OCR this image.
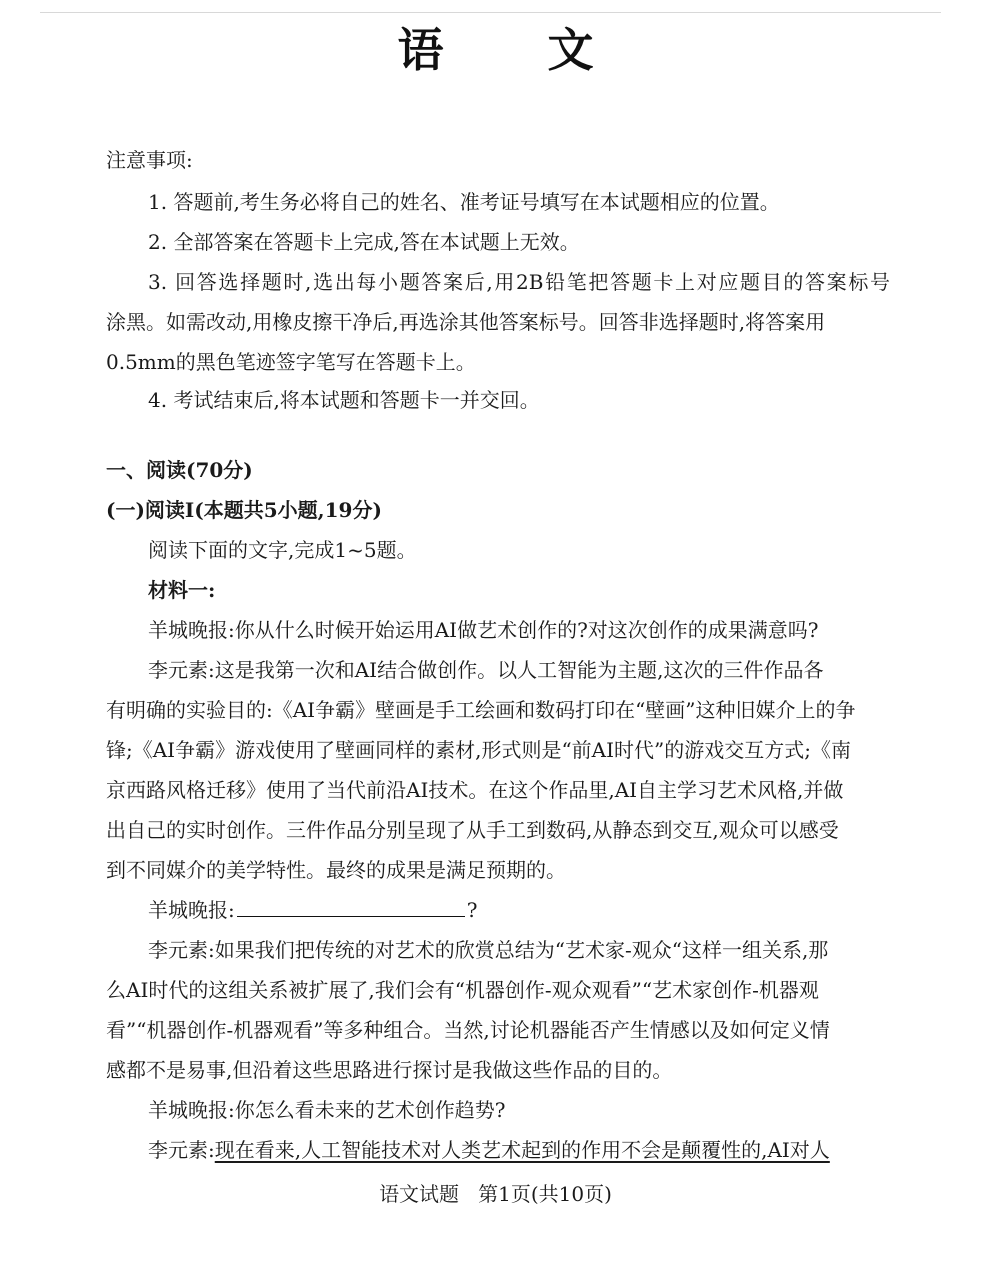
语 文
注意事项:
1. 答题前,考生务必将自己的姓名、准考证号填写在本试题相应的位置。
2. 全部答案在答题卡上完成,答在本试题上无效。
3. 回答选择题时,选出每小题答案后,用2B铅笔把答题卡上对应题目的答案标号
涂黑。如需改动,用橡皮擦干净后,再选涂其他答案标号。回答非选择题时,将答案用
0.5mm的黑色笔迹签字笔写在答题卡上。
4. 考试结束后,将本试题和答题卡一并交回。
一、阅读(70分)
(一)阅读Ⅰ(本题共5小题,19分)
阅读下面的文字,完成1~5题。
材料一:
羊城晚报:你从什么时候开始运用AI做艺术创作的?对这次创作的成果满意吗?
李元素:这是我第一次和AI结合做创作。以人工智能为主题,这次的三件作品各
有明确的实验目的:《AI争霸》壁画是手工绘画和数码打印在“壁画”这种旧媒介上的争
锋;《AI争霸》游戏使用了壁画同样的素材,形式则是“前AI时代”的游戏交互方式;《南
京西路风格迁移》使用了当代前沿AI技术。在这个作品里,AI自主学习艺术风格,并做
出自己的实时创作。三件作品分别呈现了从手工到数码,从静态到交互,观众可以感受
到不同媒介的美学特性。最终的成果是满足预期的。
羊城晚报:	?
李元素:如果我们把传统的对艺术的欣赏总结为“艺术家-观众“这样一组关系,那
么AI时代的这组关系被扩展了,我们会有“机器创作-观众观看”“艺术家创作-机器观
看”“机器创作-机器观看”等多种组合。当然,讨论机器能否产生情感以及如何定义情
感都不是易事,但沿着这些思路进行探讨是我做这些作品的目的。
羊城晚报:你怎么看未来的艺术创作趋势?
李元素:现在看来,人工智能技术对人类艺术起到的作用不会是颠覆性的,AI对人
语文试题   第1页(共10页)
